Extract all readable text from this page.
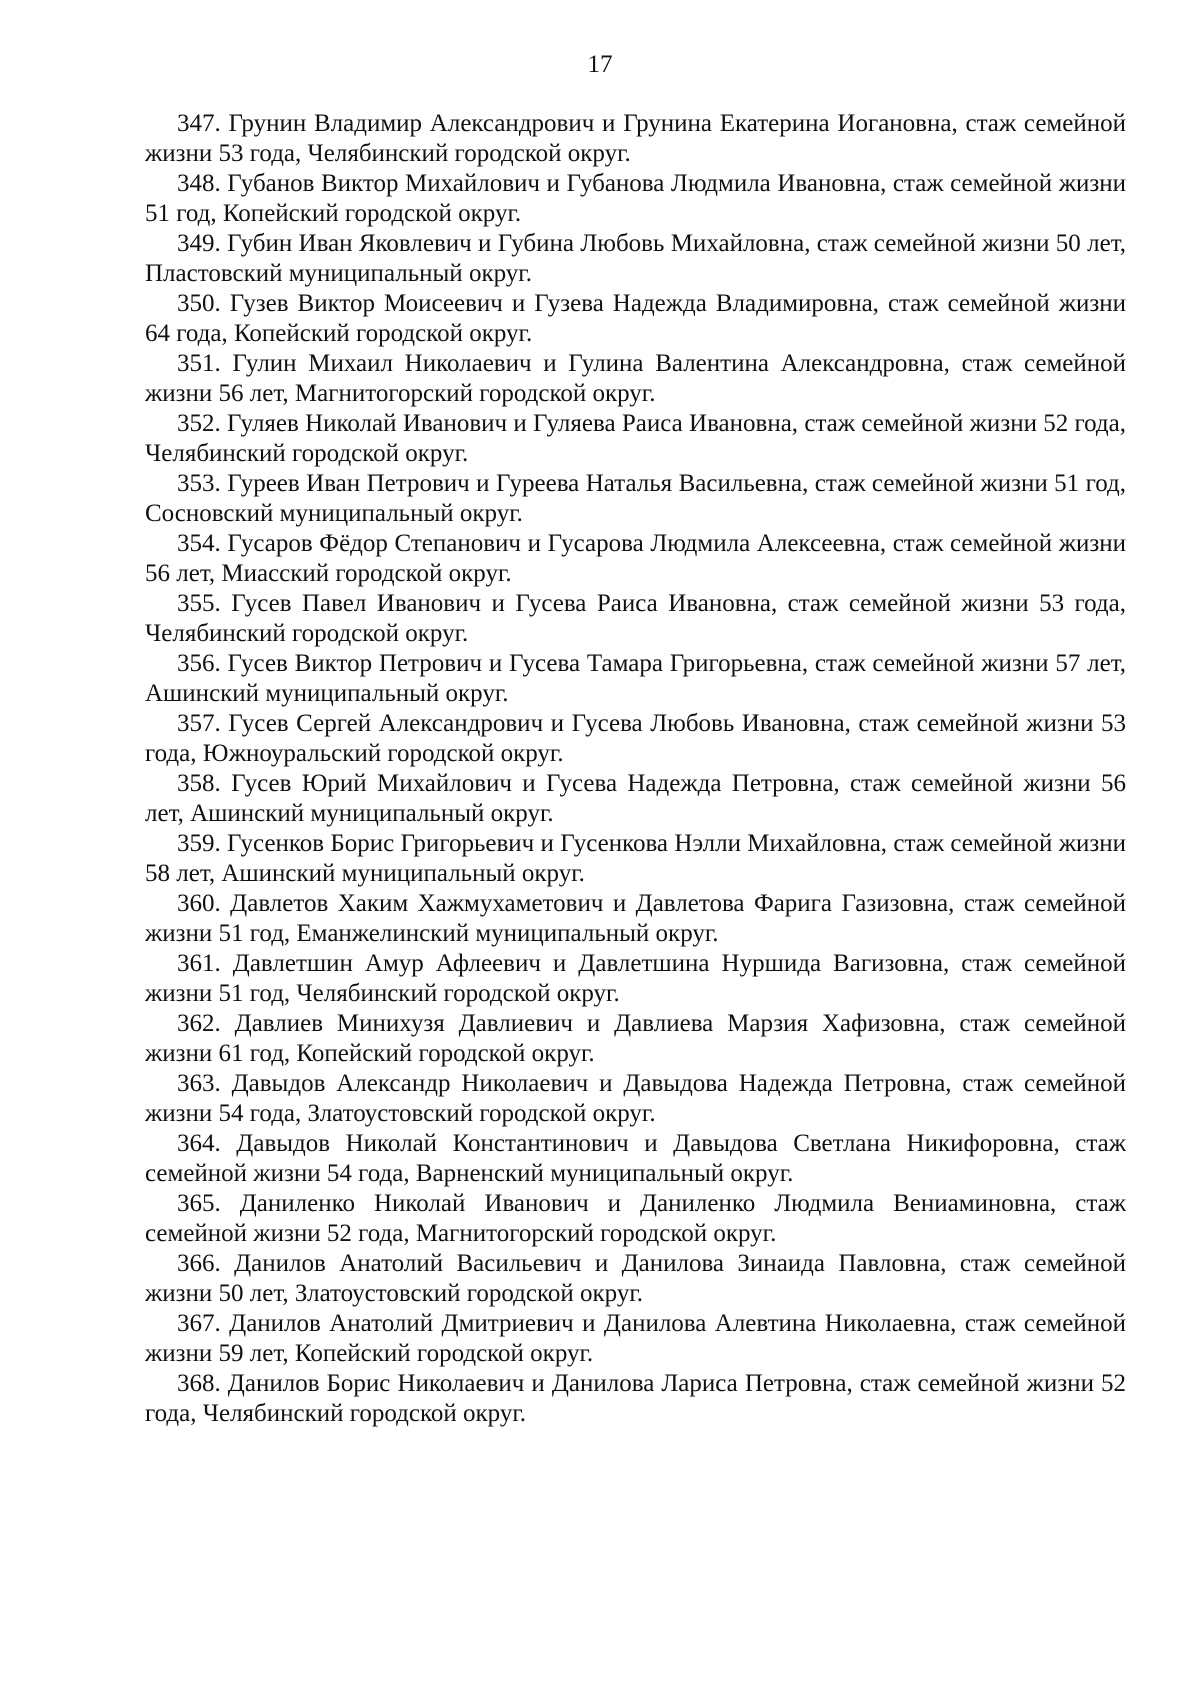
17

347. Грунин Владимир Александрович и Грунина Екатерина Иогановна, стаж семейной жизни 53 года, Челябинский городской округ.

348. Губанов Виктор Михайлович и Губанова Людмила Ивановна, стаж семейной жизни 51 год, Копейский городской округ.

349. Губин Иван Яковлевич и Губина Любовь Михайловна, стаж семейной жизни 50 лет, Пластовский муниципальный округ.

350. Гузев Виктор Моисеевич и Гузева Надежда Владимировна, стаж семейной жизни 64 года, Копейский городской округ.

351. Гулин Михаил Николаевич и Гулина Валентина Александровна, стаж семейной жизни 56 лет, Магнитогорский городской округ.

352. Гуляев Николай Иванович и Гуляева Раиса Ивановна, стаж семейной жизни 52 года, Челябинский городской округ.

353. Гуреев Иван Петрович и Гуреева Наталья Васильевна, стаж семейной жизни 51 год, Сосновский муниципальный округ.

354. Гусаров Фёдор Степанович и Гусарова Людмила Алексеевна, стаж семейной жизни 56 лет, Миасский городской округ.

355. Гусев Павел Иванович и Гусева Раиса Ивановна, стаж семейной жизни 53 года, Челябинский городской округ.

356. Гусев Виктор Петрович и Гусева Тамара Григорьевна, стаж семейной жизни 57 лет, Ашинский муниципальный округ.

357. Гусев Сергей Александрович и Гусева Любовь Ивановна, стаж семейной жизни 53 года, Южноуральский городской округ.

358. Гусев Юрий Михайлович и Гусева Надежда Петровна, стаж семейной жизни 56 лет, Ашинский муниципальный округ.

359. Гусенков Борис Григорьевич и Гусенкова Нэлли Михайловна, стаж семейной жизни 58 лет, Ашинский муниципальный округ.

360. Давлетов Хаким Хажмухаметович и Давлетова Фарига Газизовна, стаж семейной жизни 51 год, Еманжелинский муниципальный округ.

361. Давлетшин Амур Афлеевич и Давлетшина Нуршида Вагизовна, стаж семейной жизни 51 год, Челябинский городской округ.

362. Давлиев Минихузя Давлиевич и Давлиева Марзия Хафизовна, стаж семейной жизни 61 год, Копейский городской округ.

363. Давыдов Александр Николаевич и Давыдова Надежда Петровна, стаж семейной жизни 54 года, Златоустовский городской округ.

364. Давыдов Николай Константинович и Давыдова Светлана Никифоровна, стаж семейной жизни 54 года, Варненский муниципальный округ.

365. Даниленко Николай Иванович и Даниленко Людмила Вениаминовна, стаж семейной жизни 52 года, Магнитогорский городской округ.

366. Данилов Анатолий Васильевич и Данилова Зинаида Павловна, стаж семейной жизни 50 лет, Златоустовский городской округ.

367. Данилов Анатолий Дмитриевич и Данилова Алевтина Николаевна, стаж семейной жизни 59 лет, Копейский городской округ.

368. Данилов Борис Николаевич и Данилова Лариса Петровна, стаж семейной жизни 52 года, Челябинский городской округ.
